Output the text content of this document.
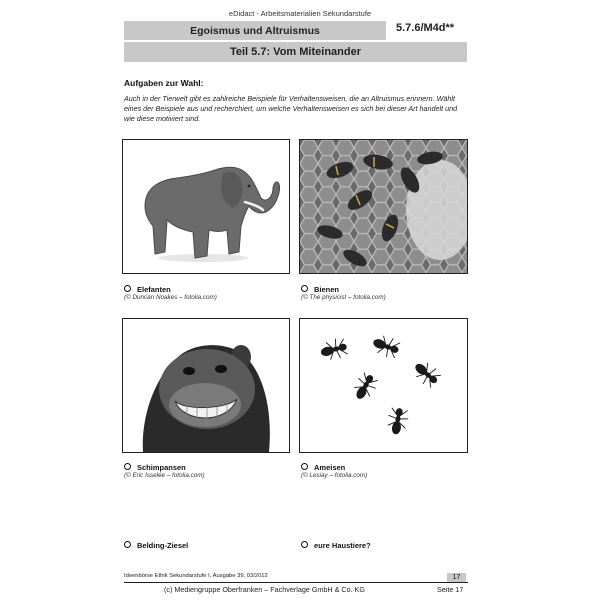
eDidact - Arbeitsmaterialien Sekundarstufe
Egoismus und Altruismus	5.7.6/M4d**
Teil 5.7: Vom Miteinander
Aufgaben zur Wahl:
Auch in der Tierwelt gibt es zahlreiche Beispiele für Verhaltensweisen, die an Altruismus erinnern. Wählt eines der Beispiele aus und recherchiert, um welche Verhaltensweisen es sich bei dieser Art handelt und wie diese motiviert sind.
Elefanten
(© Duncan Noakes – fotolia.com)
Bienen
(© The physicist – fotolia.com)
Schimpansen
(© Eric Isselée – fotolia.com)
Ameisen
(© Lesiay – fotolia.com)
Belding-Ziesel	eure Haustiere?
Ideenbörse Ethik Sekundarstufe I, Ausgabe 39, 03/2012	17
(c) Mediengruppe Oberfranken – Fachverlage GmbH & Co. KG	Seite 17
